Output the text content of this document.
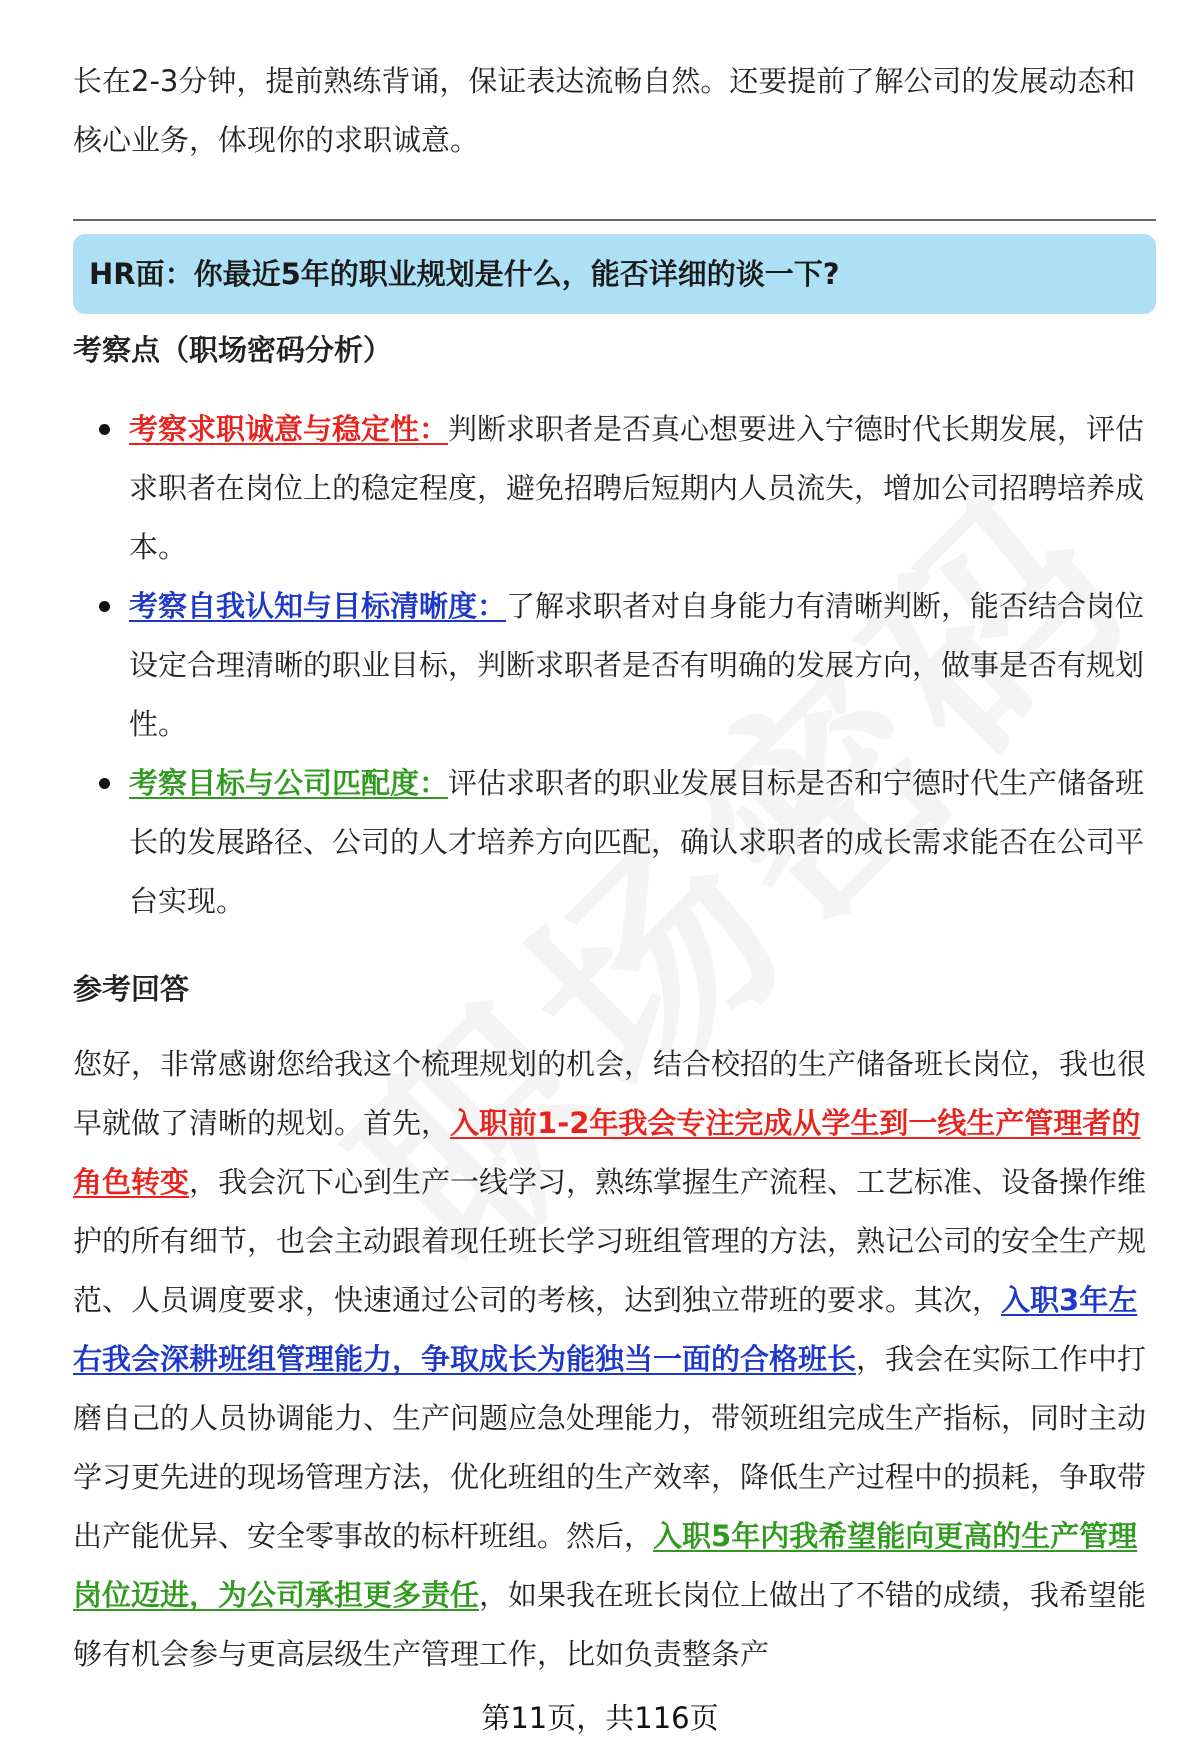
长在2-3分钟，提前熟练背诵，保证表达流畅自然。还要提前了解公司的发展动态和核心业务，体现你的求职诚意。

HR面：你最近5年的职业规划是什么，能否详细的谈一下?
考察点（职场密码分析）
考察求职诚意与稳定性：判断求职者是否真心想要进入宁德时代长期发展，评估求职者在岗位上的稳定程度，避免招聘后短期内人员流失，增加公司招聘培养成本。
考察自我认知与目标清晰度：了解求职者对自身能力有清晰判断，能否结合岗位设定合理清晰的职业目标，判断求职者是否有明确的发展方向，做事是否有规划性。
考察目标与公司匹配度：评估求职者的职业发展目标是否和宁德时代生产储备班长的发展路径、公司的人才培养方向匹配，确认求职者的成长需求能否在公司平台实现。
参考回答

您好，非常感谢您给我这个梳理规划的机会，结合校招的生产储备班长岗位，我也很早就做了清晰的规划。首先，入职前1-2年我会专注完成从学生到一线生产管理者的角色转变，我会沉下心到生产一线学习，熟练掌握生产流程、工艺标准、设备操作维护的所有细节，也会主动跟着现任班长学习班组管理的方法，熟记公司的安全生产规范、人员调度要求，快速通过公司的考核，达到独立带班的要求。其次，入职3年左右我会深耕班组管理能力，争取成长为能独当一面的合格班长，我会在实际工作中打磨自己的人员协调能力、生产问题应急处理能力，带领班组完成生产指标，同时主动学习更先进的现场管理方法，优化班组的生产效率，降低生产过程中的损耗，争取带出产能优异、安全零事故的标杆班组。然后，入职5年内我希望能向更高的生产管理岗位迈进，为公司承担更多责任，如果我在班长岗位上做出了不错的成绩，我希望能够有机会参与更高层级生产管理工作，比如负责整条产

第11页，共116页
